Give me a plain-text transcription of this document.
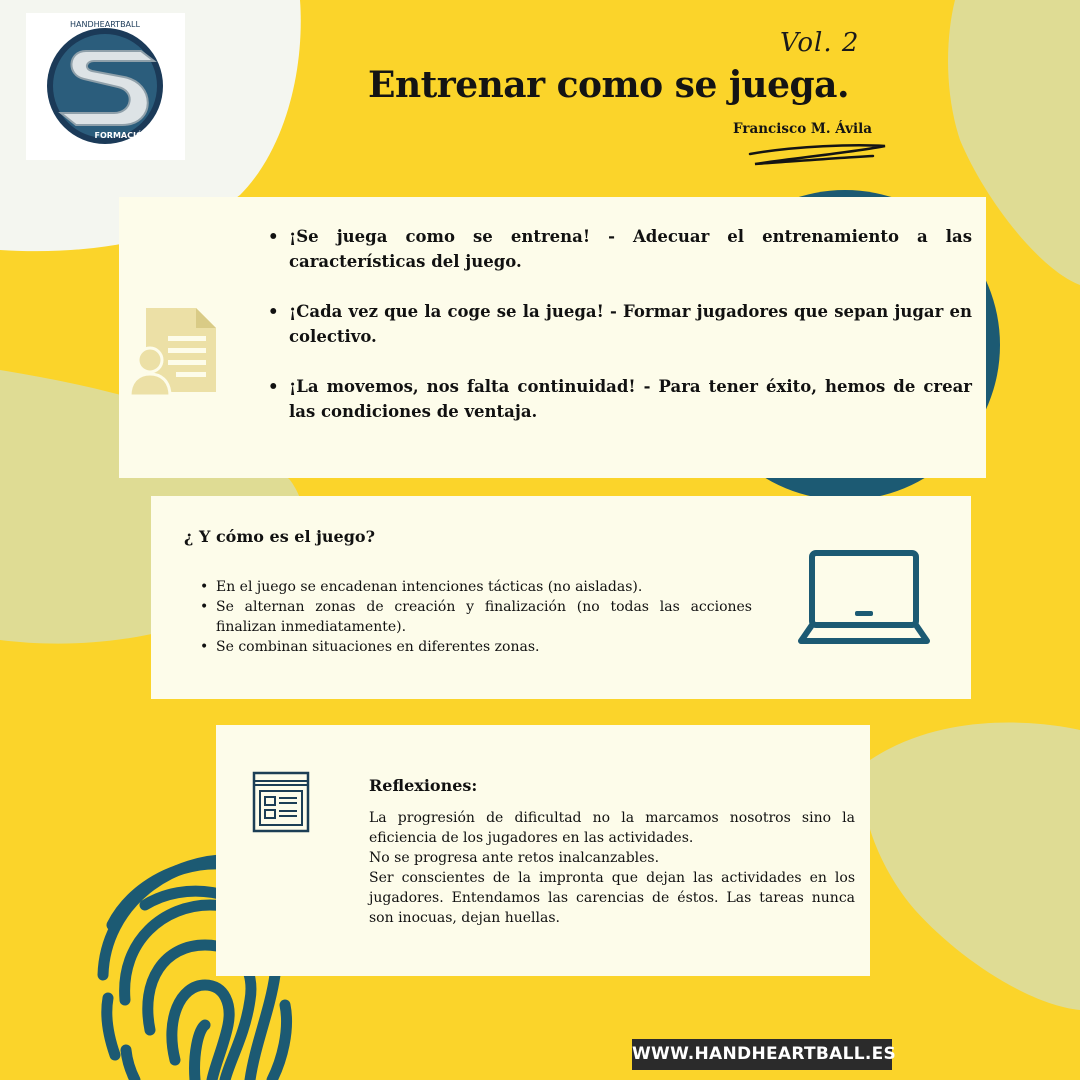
FORMACIÓN
HANDHEARTBALL
Vol. 2
Entrenar como se juega.
Francisco M. Ávila
• ¡Se juega como se entrena! - Adecuar el entrenamiento a las características del juego.
• ¡Cada vez que la coge se la juega! - Formar jugadores que sepan jugar en colectivo.
• ¡La movemos, nos falta continuidad! - Para tener éxito, hemos de crear las condiciones de ventaja.
¿ Y cómo es el juego?
• En el juego se encadenan intenciones tácticas (no aisladas).
• Se alternan zonas de creación y finalización (no todas las acciones finalizan inmediatamente).
• Se combinan situaciones en diferentes zonas.
Reflexiones:
La progresión de dificultad no la marcamos nosotros sino la eficiencia de los jugadores en las actividades.
No se progresa ante retos inalcanzables.
Ser conscientes de la impronta que dejan las actividades en los jugadores. Entendamos las carencias de éstos. Las tareas nunca son inocuas, dejan huellas.
WWW.HANDHEARTBALL.ES
